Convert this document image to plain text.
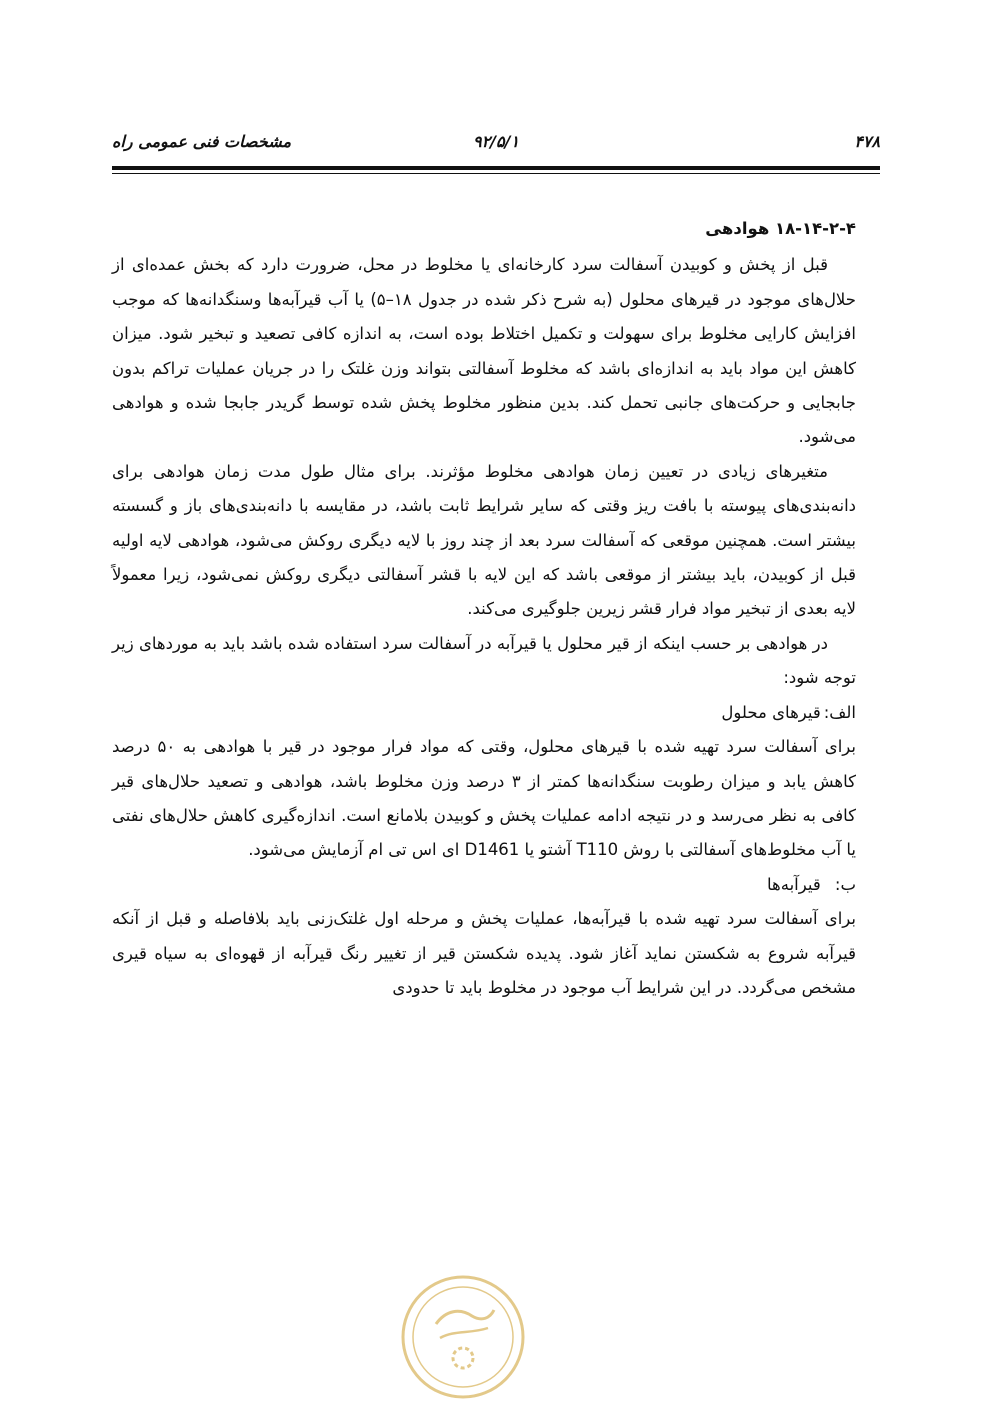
۴۷۸
۹۲/۵/۱
مشخصات فنی عمومی راه

۱۸-۱۴-۲-۴ هوادهی

قبل از پخش و کوبیدن آسفالت سرد کارخانه‌ای یا مخلوط در محل، ضرورت دارد که بخش عمده‌ای از حلال‌های موجود در قیرهای محلول (به شرح ذکر شده در جدول ۱۸–۵) یا آب قیرآبه‌ها وسنگدانه‌ها که موجب افزایش کارایی مخلوط برای سهولت و تکمیل اختلاط بوده است، به اندازه کافی تصعید و تبخیر شود. میزان کاهش این مواد باید به اندازه‌ای باشد که مخلوط آسفالتی بتواند وزن غلتک را در جریان عملیات تراکم بدون جابجایی و حرکت‌های جانبی تحمل کند. بدین منظور مخلوط پخش شده توسط گریدر جابجا شده و هوادهی می‌شود.

متغیرهای زیادی در تعیین زمان هوادهی مخلوط مؤثرند. برای مثال طول مدت زمان هوادهی برای دانه‌بندی‌های پیوسته با بافت ریز وقتی که سایر شرایط ثابت باشد، در مقایسه با دانه‌بندی‌های باز و گسسته بیشتر است. همچنین موقعی که آسفالت سرد بعد از چند روز با لایه دیگری روکش می‌شود، هوادهی لایه اولیه قبل از کوبیدن، باید بیشتر از موقعی باشد که این لایه با قشر آسفالتی دیگری روکش نمی‌شود، زیرا معمولاً لایه بعدی از تبخیر مواد فرار قشر زیرین جلوگیری می‌کند.

در هوادهی بر حسب اینکه از قیر محلول یا قیرآبه در آسفالت سرد استفاده شده باشد باید به موردهای زیر توجه شود:

الف: قیرهای محلول

برای آسفالت سرد تهیه شده با قیرهای محلول، وقتی که مواد فرار موجود در قیر با هوادهی به ۵۰ درصد کاهش یابد و میزان رطوبت سنگدانه‌ها کمتر از ۳ درصد وزن مخلوط باشد، هوادهی و تصعید حلال‌های قیر کافی به نظر می‌رسد و در نتیجه ادامه عملیات پخش و کوبیدن بلامانع است. اندازه‌گیری کاهش حلال‌های نفتی یا آب مخلوط‌های آسفالتی با روش T110 آشتو یا D1461 ای اس تی ام آزمایش می‌شود.

ب: قیرآبه‌ها

برای آسفالت سرد تهیه شده با قیرآبه‌ها، عملیات پخش و مرحله اول غلتک‌زنی باید بلافاصله و قبل از آنکه قیرآبه شروع به شکستن نماید آغاز شود. پدیده شکستن قیر از تغییر رنگ قیرآبه از قهوه‌ای به سیاه قیری مشخص می‌گردد. در این شرایط آب موجود در مخلوط باید تا حدودی
